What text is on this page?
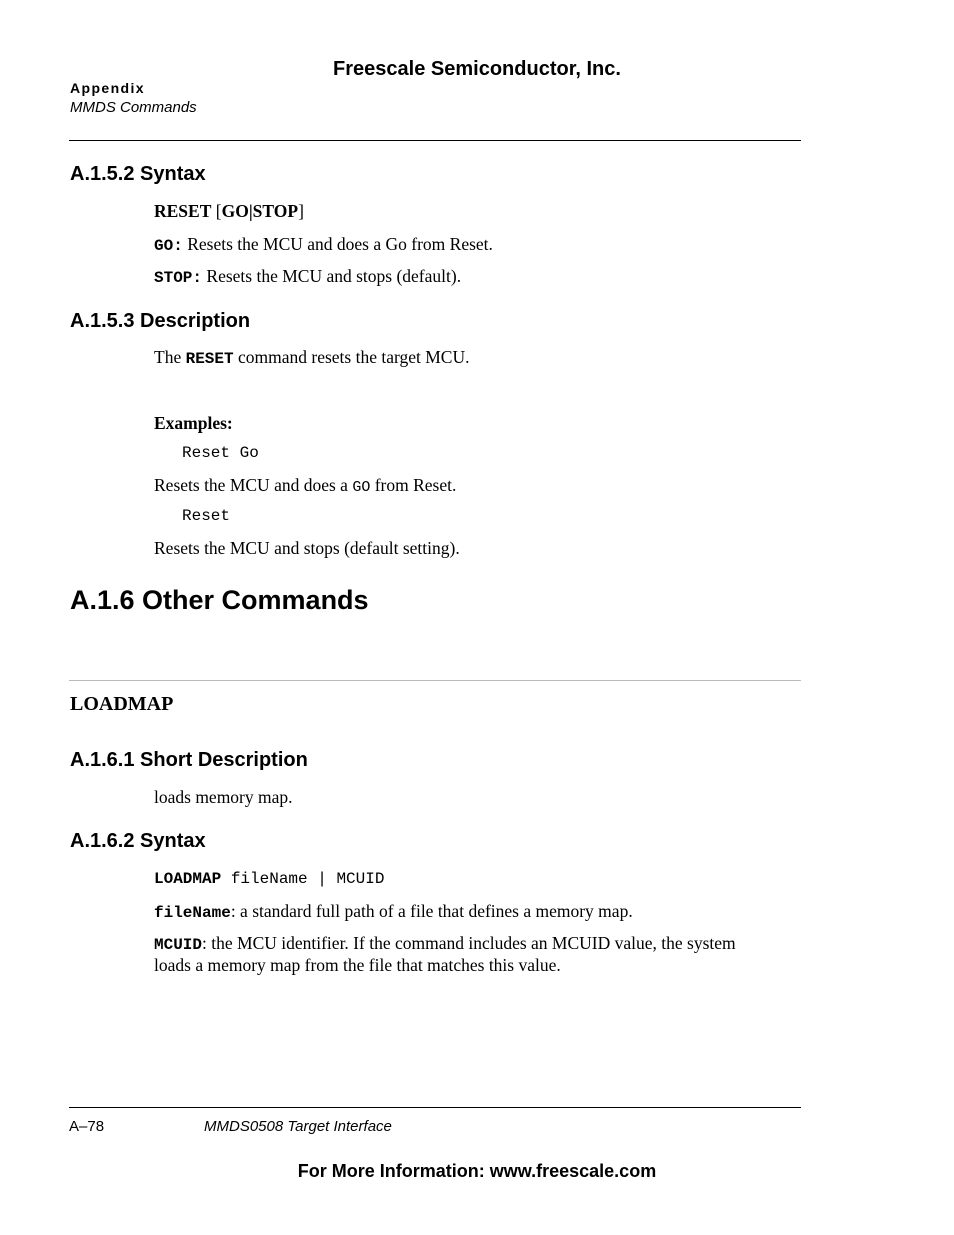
Freescale Semiconductor, Inc.
Appendix
MMDS Commands
A.1.5.2 Syntax
RESET [GO|STOP]
GO: Resets the MCU and does a Go from Reset.
STOP: Resets the MCU and stops (default).
A.1.5.3 Description
The RESET command resets the target MCU.
Examples:
Reset Go
Resets the MCU and does a GO from Reset.
Reset
Resets the MCU and stops (default setting).
A.1.6 Other Commands
LOADMAP
A.1.6.1 Short Description
loads memory map.
A.1.6.2 Syntax
LOADMAP fileName | MCUID
fileName: a standard full path of a file that defines a memory map.
MCUID: the MCU identifier. If the command includes an MCUID value, the system
loads a memory map from the file that matches this value.
A–78	MMDS0508 Target Interface
For More Information: www.freescale.com
